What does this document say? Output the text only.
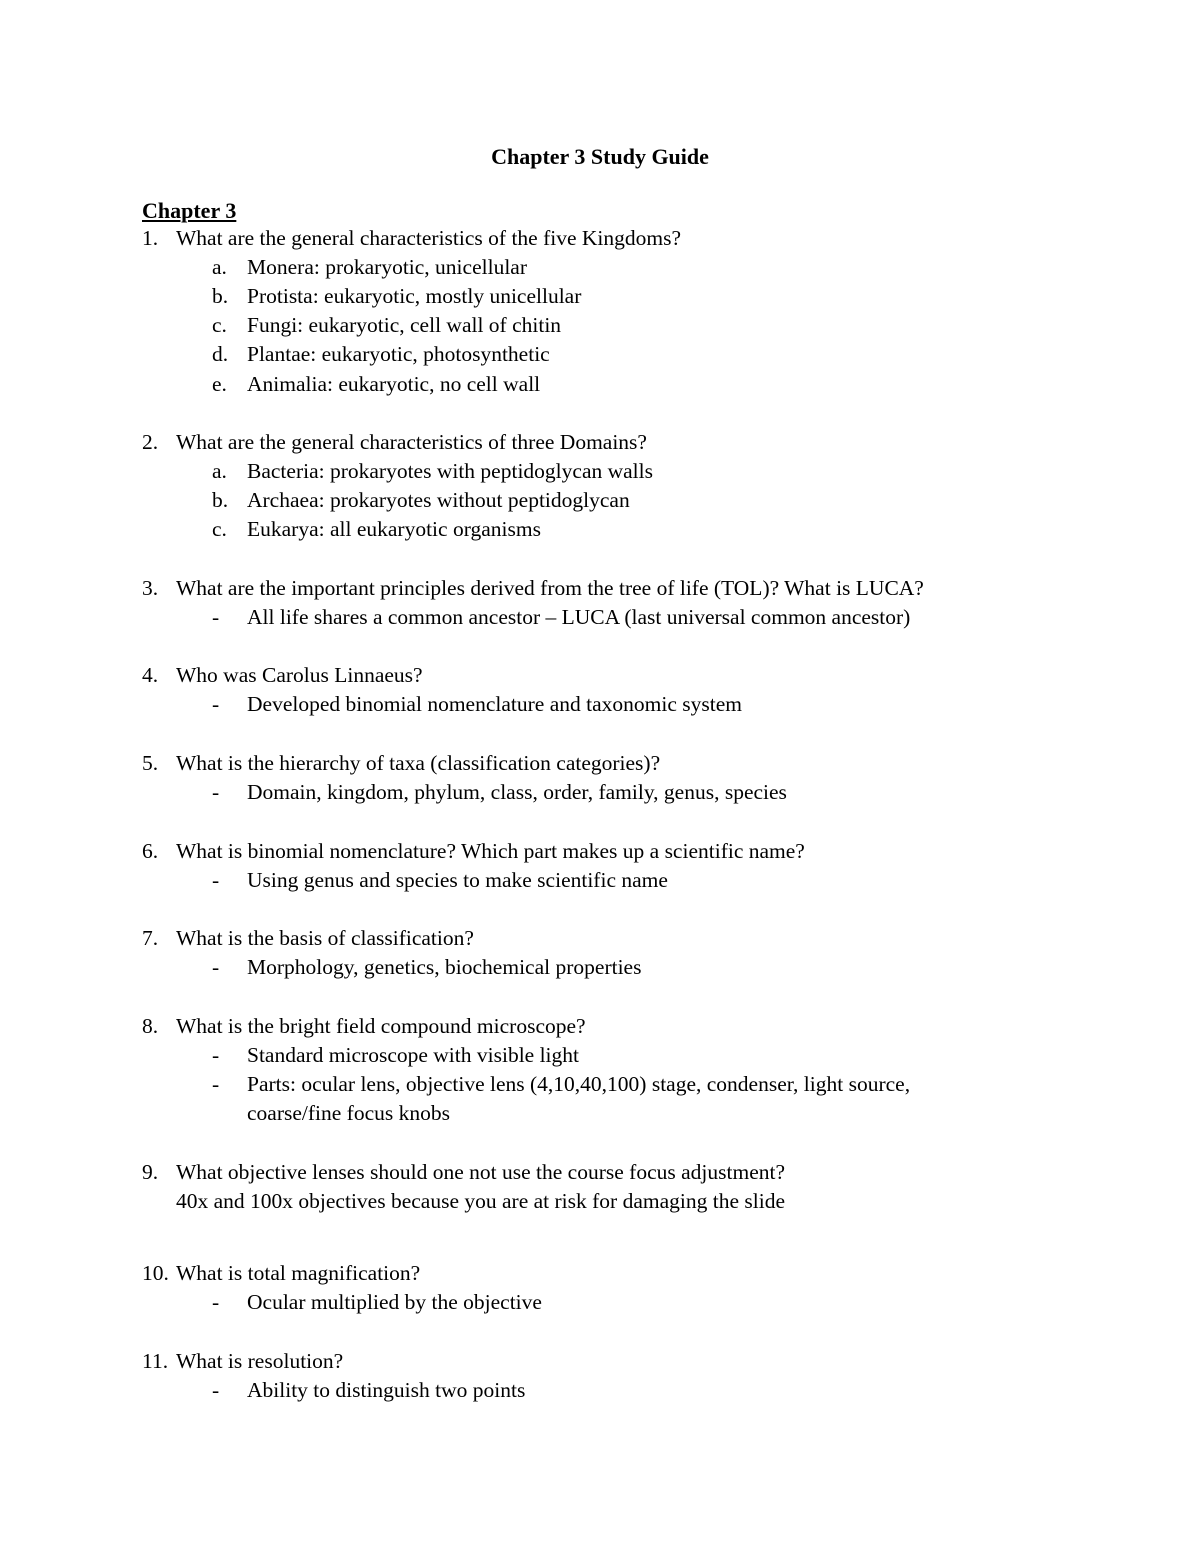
Chapter 3 Study Guide
Chapter 3
1. What are the general characteristics of the five Kingdoms?
a. Monera: prokaryotic, unicellular
b. Protista: eukaryotic, mostly unicellular
c. Fungi: eukaryotic, cell wall of chitin
d. Plantae: eukaryotic, photosynthetic
e. Animalia: eukaryotic, no cell wall
2. What are the general characteristics of three Domains?
a. Bacteria: prokaryotes with peptidoglycan walls
b. Archaea: prokaryotes without peptidoglycan
c. Eukarya: all eukaryotic organisms
3. What are the important principles derived from the tree of life (TOL)? What is LUCA?
- All life shares a common ancestor – LUCA (last universal common ancestor)
4. Who was Carolus Linnaeus?
- Developed binomial nomenclature and taxonomic system
5. What is the hierarchy of taxa (classification categories)?
- Domain, kingdom, phylum, class, order, family, genus, species
6. What is binomial nomenclature? Which part makes up a scientific name?
- Using genus and species to make scientific name
7. What is the basis of classification?
- Morphology, genetics, biochemical properties
8. What is the bright field compound microscope?
- Standard microscope with visible light
- Parts: ocular lens, objective lens (4,10,40,100) stage, condenser, light source,
coarse/fine focus knobs
9. What objective lenses should one not use the course focus adjustment?
40x and 100x objectives because you are at risk for damaging the slide
10. What is total magnification?
- Ocular multiplied by the objective
11. What is resolution?
- Ability to distinguish two points
